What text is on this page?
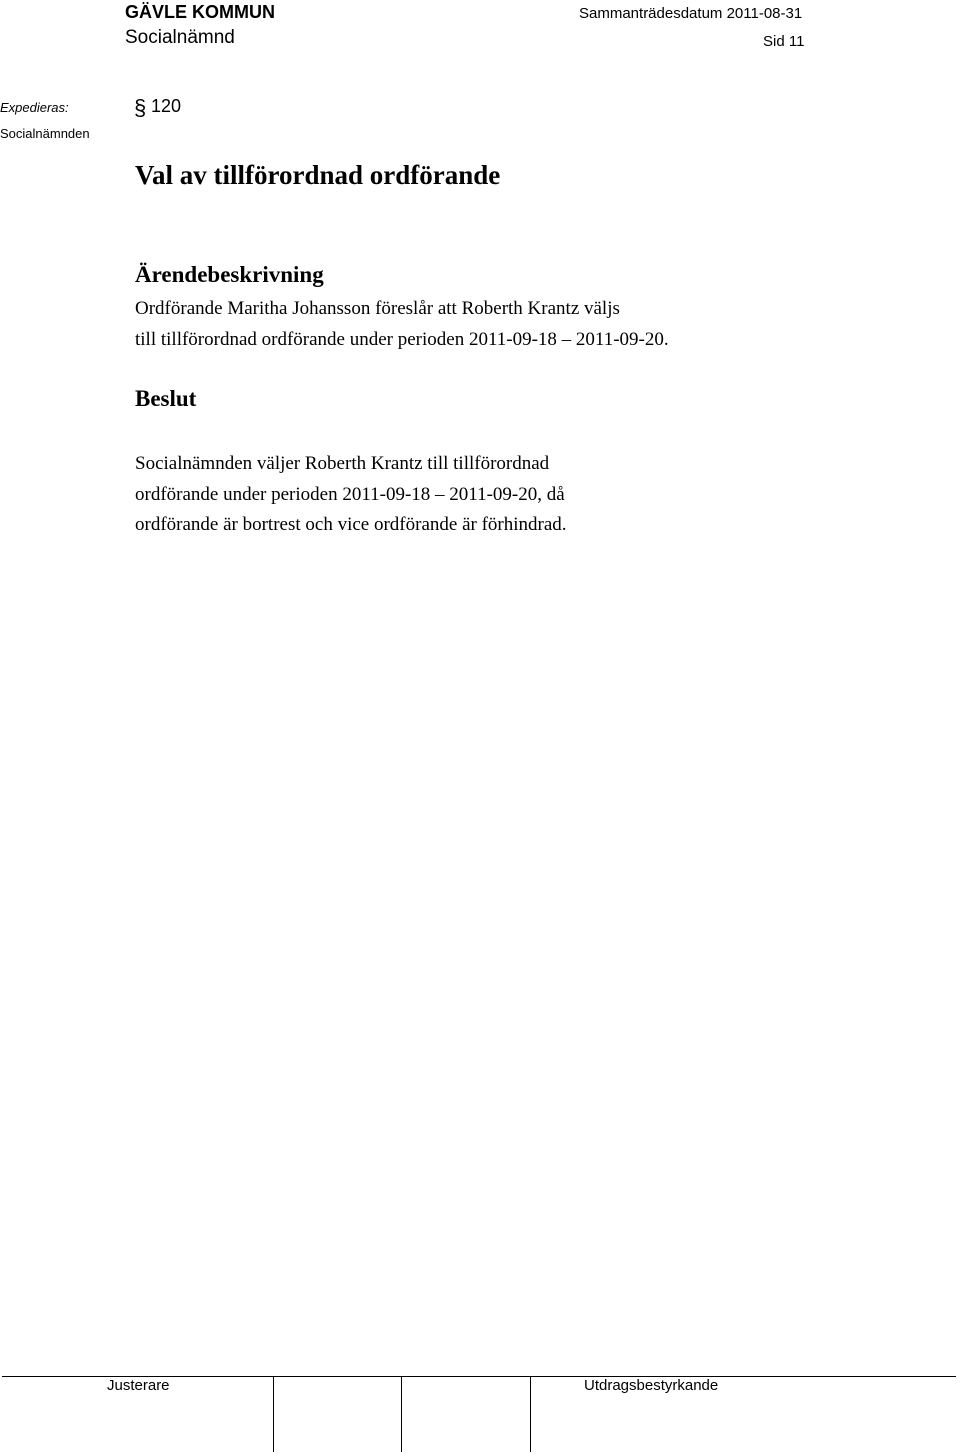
GÄVLE KOMMUN
Socialnämnd
Sammanträdesdatum 2011-08-31
Sid 11
Expedieras:
Socialnämnden
§ 120
Val av tillförordnad ordförande
Ärendebeskrivning
Ordförande Maritha Johansson föreslår att Roberth Krantz väljs
till tillförordnad ordförande under perioden 2011-09-18 – 2011-09-20.
Beslut
Socialnämnden väljer Roberth Krantz till tillförordnad
ordförande under perioden 2011-09-18 – 2011-09-20, då
ordförande är bortrest och vice ordförande är förhindrad.
Justerare	Utdragsbestyrkande
